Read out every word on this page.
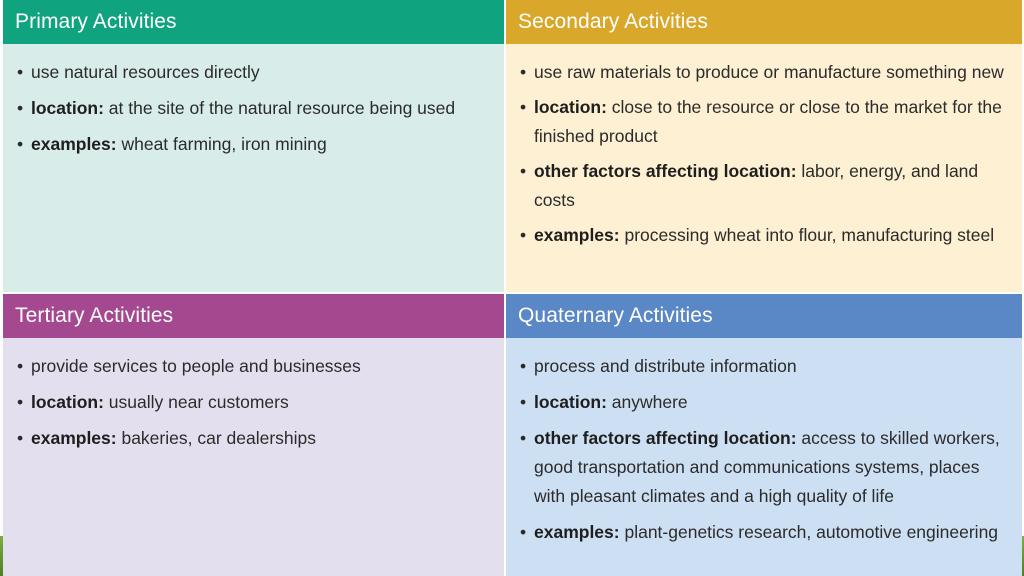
Primary Activities
• use natural resources directly
• location: at the site of the natural resource being used
• examples: wheat farming, iron mining
Secondary Activities
• use raw materials to produce or manufacture something new
• location: close to the resource or close to the market for the finished product
• other factors affecting location: labor, energy, and land costs
• examples: processing wheat into flour, manufacturing steel
Tertiary Activities
• provide services to people and businesses
• location: usually near customers
• examples: bakeries, car dealerships
Quaternary Activities
• process and distribute information
• location: anywhere
• other factors affecting location: access to skilled workers, good transportation and communications systems, places with pleasant climates and a high quality of life
• examples: plant-genetics research, automotive engineering
